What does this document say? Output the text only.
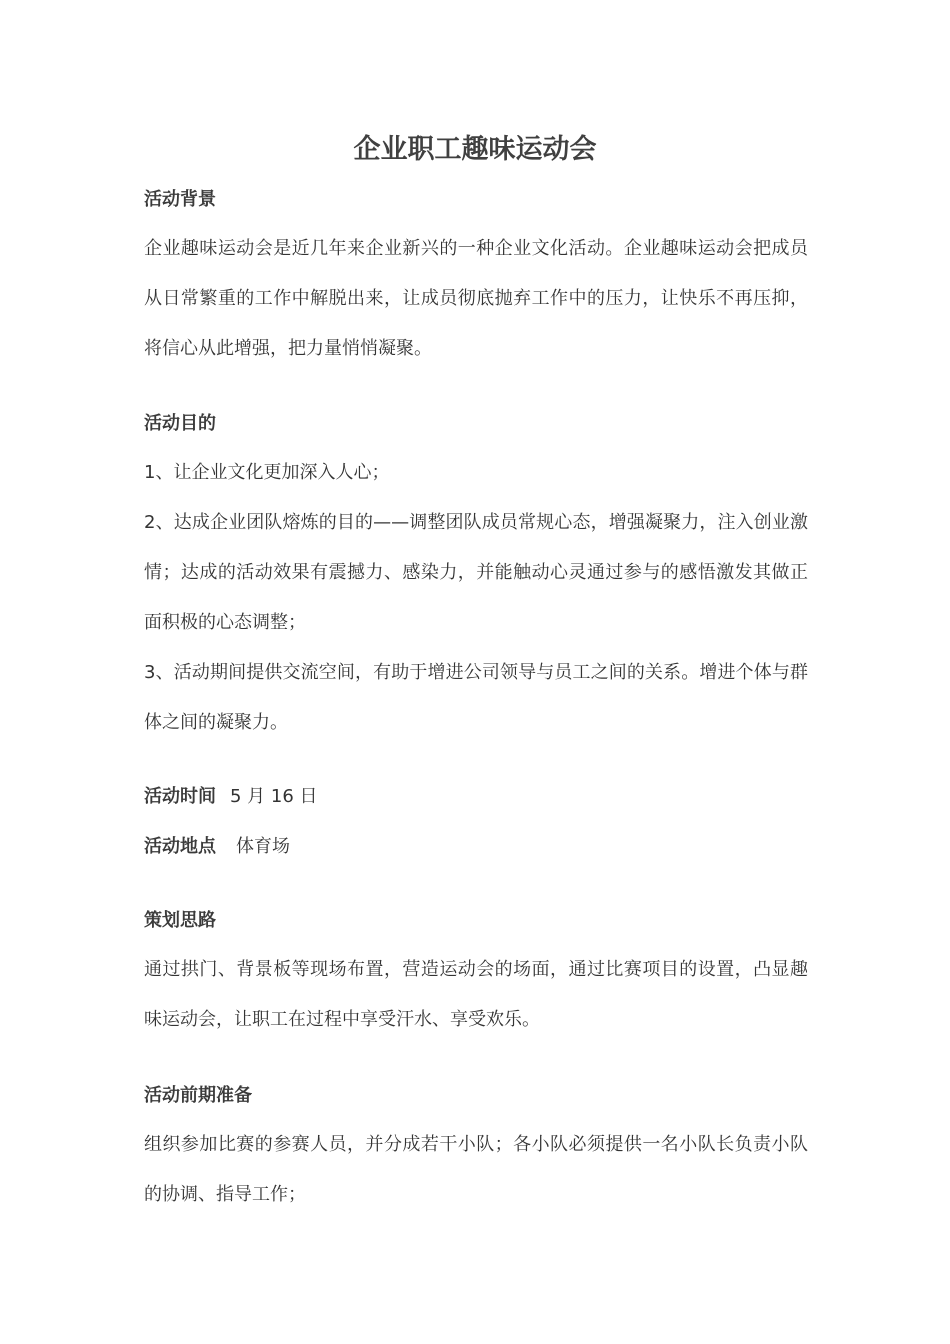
企业职工趣味运动会
活动背景

企业趣味运动会是近几年来企业新兴的一种企业文化活动。企业趣味运动会把成员从日常繁重的工作中解脱出来，让成员彻底抛弃工作中的压力，让快乐不再压抑，将信心从此增强，把力量悄悄凝聚。

活动目的

1、让企业文化更加深入人心；

2、达成企业团队熔炼的目的——调整团队成员常规心态，增强凝聚力，注入创业激情；达成的活动效果有震撼力、感染力，并能触动心灵通过参与的感悟激发其做正面积极的心态调整；

3、活动期间提供交流空间，有助于增进公司领导与员工之间的关系。增进个体与群体之间的凝聚力。

活动时间 5 月 16 日
活动地点 体育场
策划思路

通过拱门、背景板等现场布置，营造运动会的场面，通过比赛项目的设置，凸显趣味运动会，让职工在过程中享受汗水、享受欢乐。

活动前期准备

组织参加比赛的参赛人员，并分成若干小队；各小队必须提供一名小队长负责小队的协调、指导工作；
